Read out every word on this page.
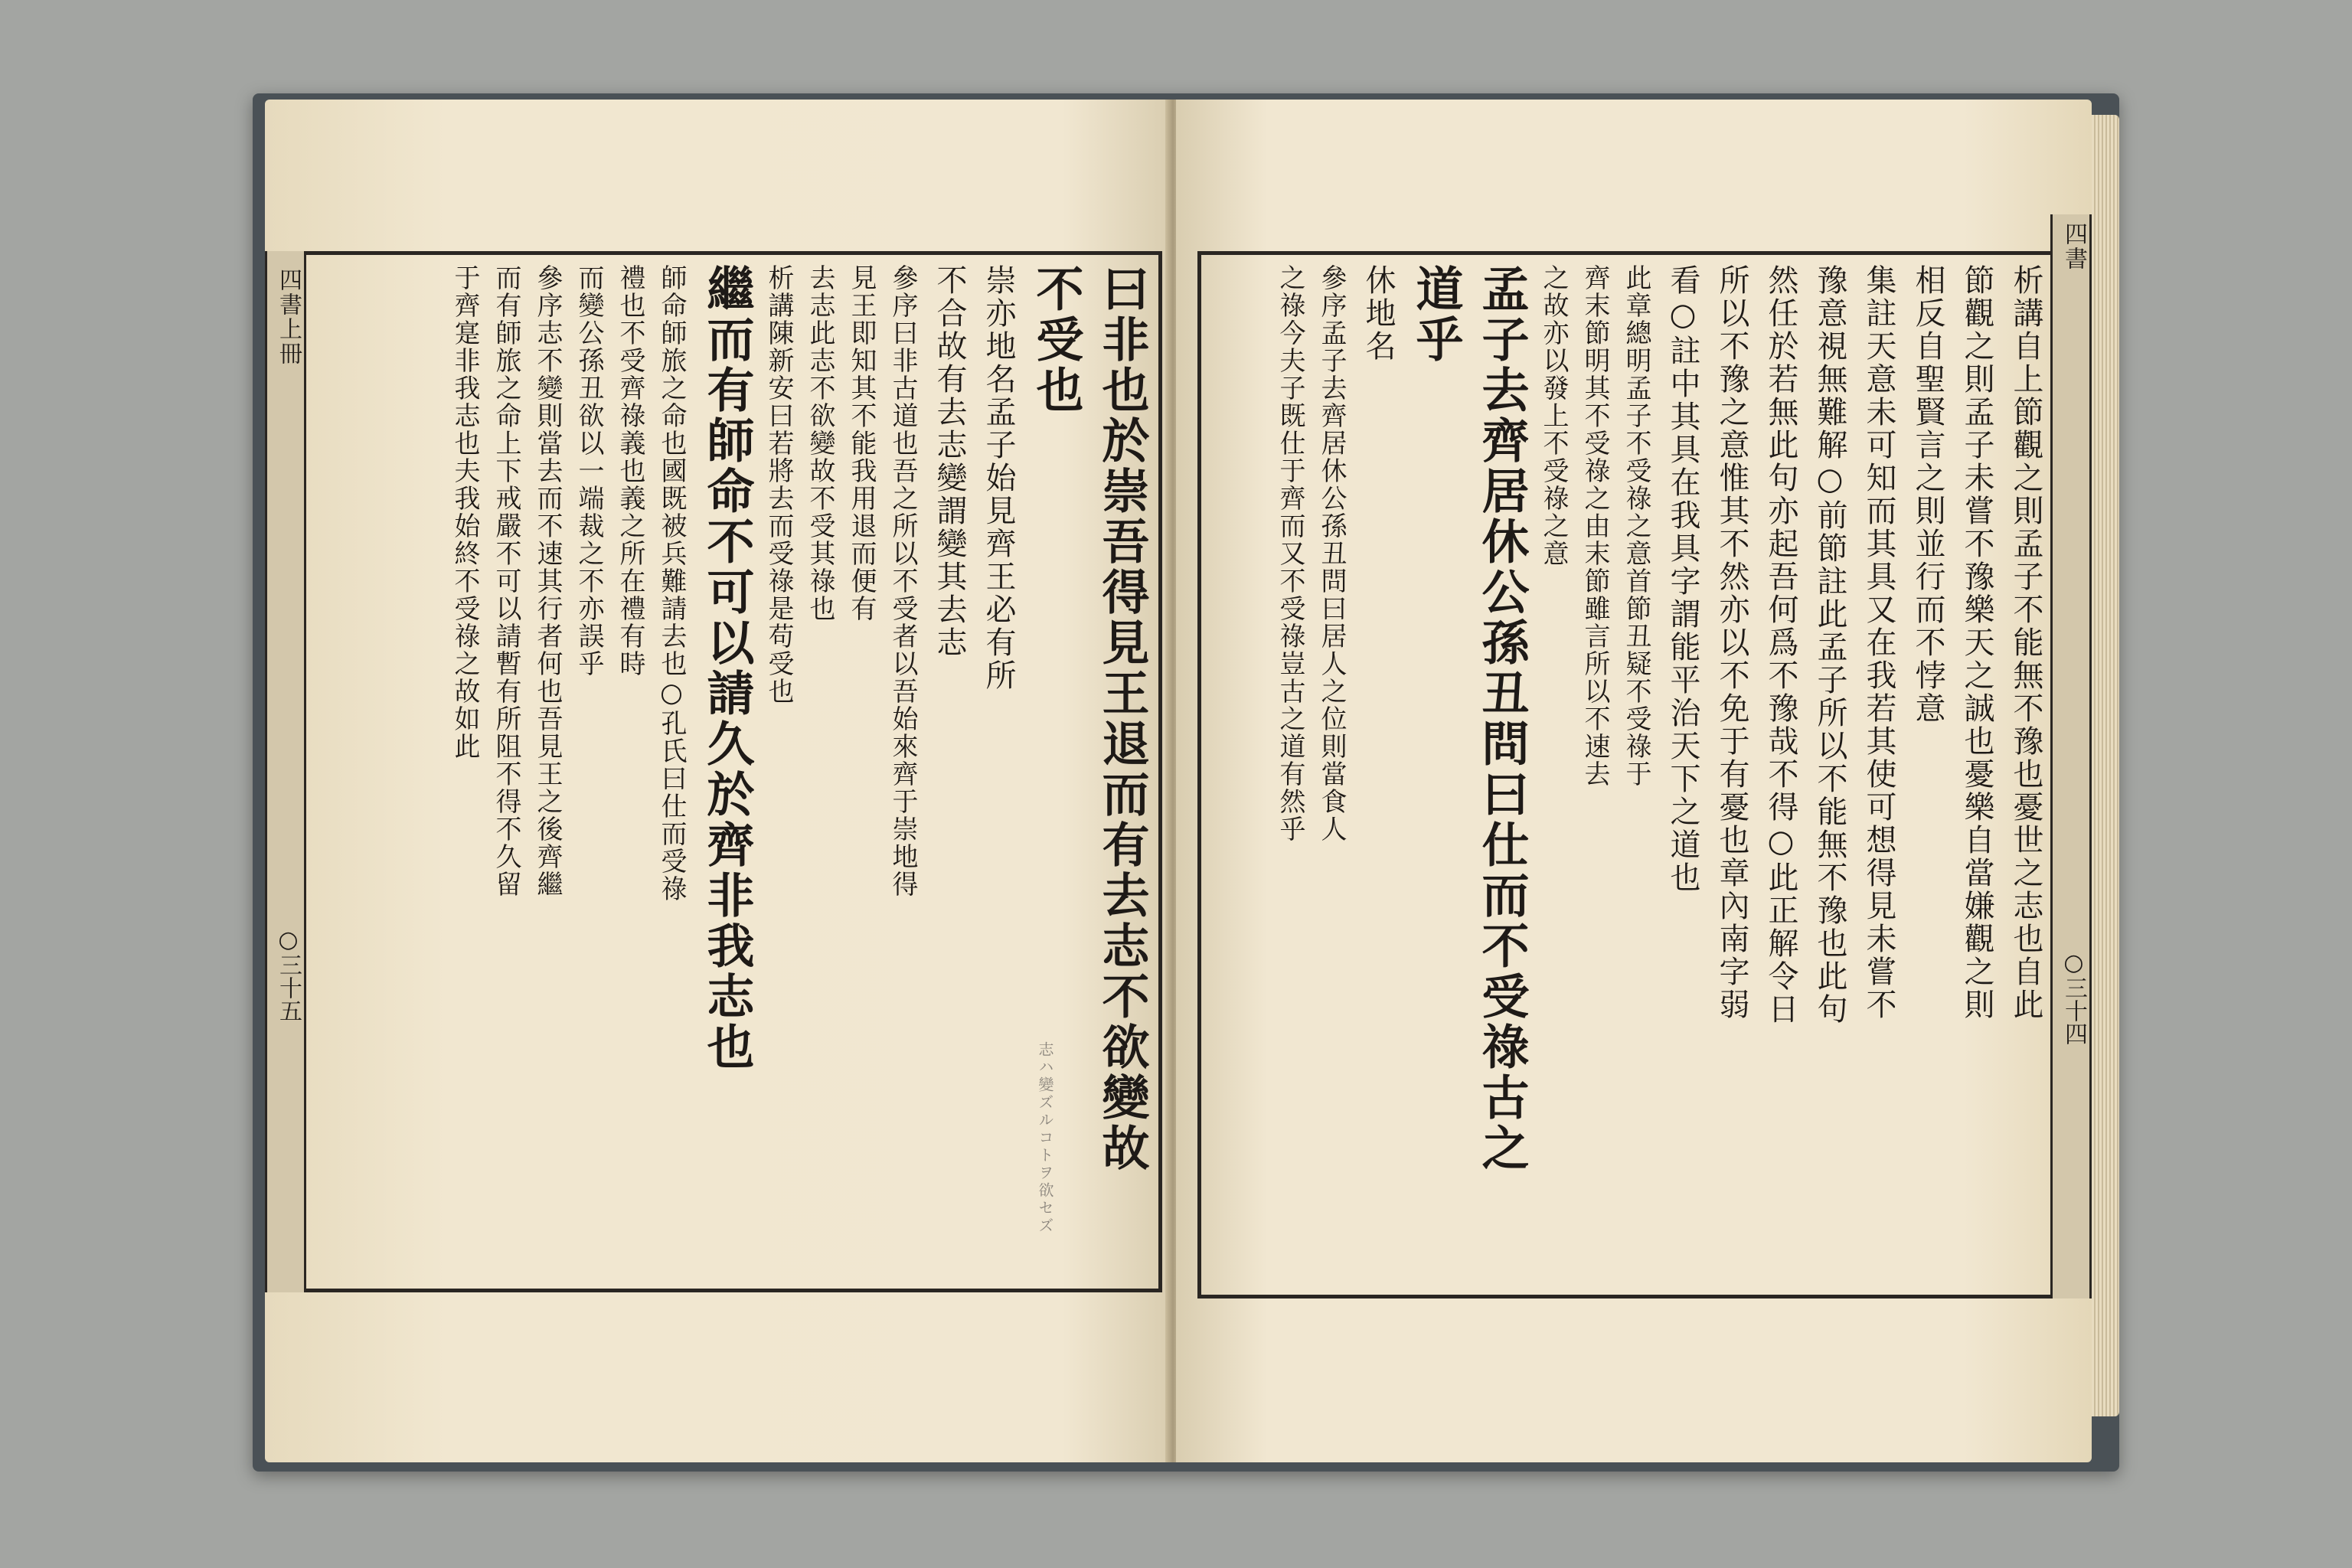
四書上冊
○三十五	曰非也於崇吾得見王退而有去志不欲變故
不受也
崇亦地名孟子始見齊王必有所
不合故有去志變謂變其去志
參序曰非古道也吾之所以不受者以吾始來齊于崇地得
見王即知其不能我用退而便有
去志此志不欲變故不受其祿也
析講陳新安曰若將去而受祿是苟受也
繼而有師命不可以請久於齊非我志也
師命師旅之命也國既被兵難請去也○孔氏曰仕而受祿
禮也不受齊祿義也義之所在禮有時
而變公孫丑欲以一端裁之不亦誤乎
參序志不變則當去而不速其行者何也吾見王之後齊繼
而有師旅之命上下戒嚴不可以請暫有所阻不得不久留
于齊寔非我志也夫我始終不受祿之故如此
志ハ變ズルコトヲ欲セズ
四書
○三十四
析講自上節觀之則孟子不能無不豫也憂世之志也自此
節觀之則孟子未嘗不豫樂天之誠也憂樂自當嫌觀之則
相反自聖賢言之則並行而不悖意
集註天意未可知而其具又在我若其使可想得見未嘗不
豫意視無難解○前節註此孟子所以不能無不豫也此句
然任於若無此句亦起吾何爲不豫哉不得○此正解令日
所以不豫之意惟其不然亦以不免于有憂也章內南字弱
看○註中其具在我具字謂能平治天下之道也
此章總明孟子不受祿之意首節丑疑不受祿于
齊末節明其不受祿之由末節雖言所以不速去
之故亦以發上不受祿之意
孟子去齊居休公孫丑問曰仕而不受祿古之
道乎
休地名
參序孟子去齊居休公孫丑問曰居人之位則當食人
之祿今夫子既仕于齊而又不受祿豈古之道有然乎
